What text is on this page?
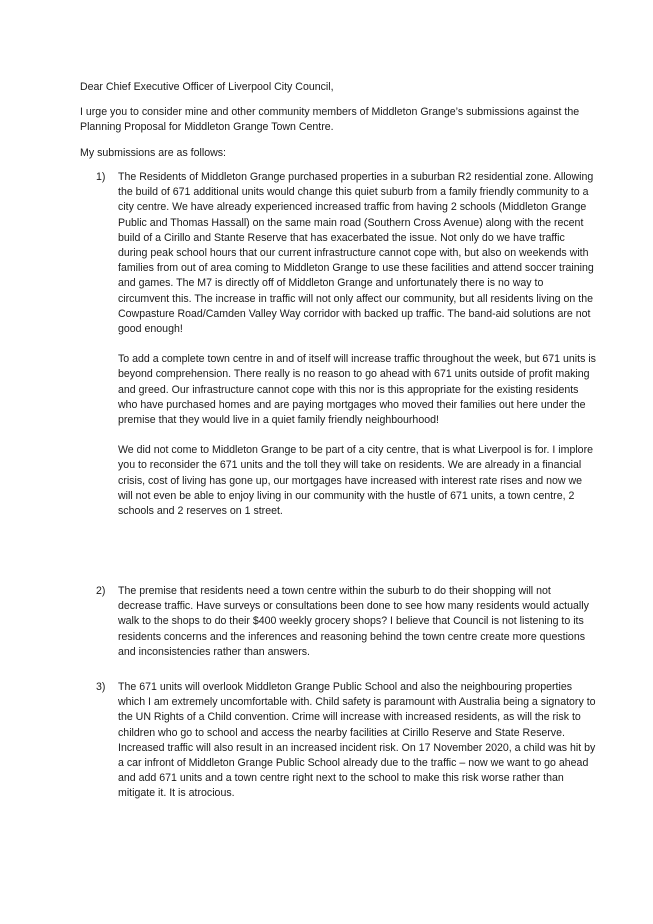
Dear Chief Executive Officer of Liverpool City Council,

I urge you to consider mine and other community members of Middleton Grange’s submissions against the Planning Proposal for Middleton Grange Town Centre.

My submissions are as follows:

1)	The Residents of Middleton Grange purchased properties in a suburban R2 residential zone. Allowing the build of 671 additional units would change this quiet suburb from a family friendly community to a city centre. We have already experienced increased traffic from having 2 schools (Middleton Grange Public and Thomas Hassall) on the same main road (Southern Cross Avenue) along with the recent build of a Cirillo and Stante Reserve that has exacerbated the issue. Not only do we have traffic during peak school hours that our current infrastructure cannot cope with, but also on weekends with families from out of area coming to Middleton Grange to use these facilities and attend soccer training and games. The M7 is directly off of Middleton Grange and unfortunately there is no way to circumvent this. The increase in traffic will not only affect our community, but all residents living on the Cowpasture Road/Camden Valley Way corridor with backed up traffic. The band-aid solutions are not good enough!

To add a complete town centre in and of itself will increase traffic throughout the week, but 671 units is beyond comprehension. There really is no reason to go ahead with 671 units outside of profit making and greed. Our infrastructure cannot cope with this nor is this appropriate for the existing residents who have purchased homes and are paying mortgages who moved their families out here under the premise that they would live in a quiet family friendly neighbourhood!

We did not come to Middleton Grange to be part of a city centre, that is what Liverpool is for. I implore you to reconsider the 671 units and the toll they will take on residents. We are already in a financial crisis, cost of living has gone up, our mortgages have increased with interest rate rises and now we will not even be able to enjoy living in our community with the hustle of 671 units, a town centre, 2 schools and 2 reserves on 1 street.

2)	The premise that residents need a town centre within the suburb to do their shopping will not decrease traffic. Have surveys or consultations been done to see how many residents would actually walk to the shops to do their $400 weekly grocery shops? I believe that Council is not listening to its residents concerns and the inferences and reasoning behind the town centre create more questions and inconsistencies rather than answers.

3)	The 671 units will overlook Middleton Grange Public School and also the neighbouring properties which I am extremely uncomfortable with. Child safety is paramount with Australia being a signatory to the UN Rights of a Child convention. Crime will increase with increased residents, as will the risk to children who go to school and access the nearby facilities at Cirillo Reserve and State Reserve. Increased traffic will also result in an increased incident risk. On 17 November 2020, a child was hit by a car infront of Middleton Grange Public School already due to the traffic – now we want to go ahead and add 671 units and a town centre right next to the school to make this risk worse rather than mitigate it. It is atrocious.
